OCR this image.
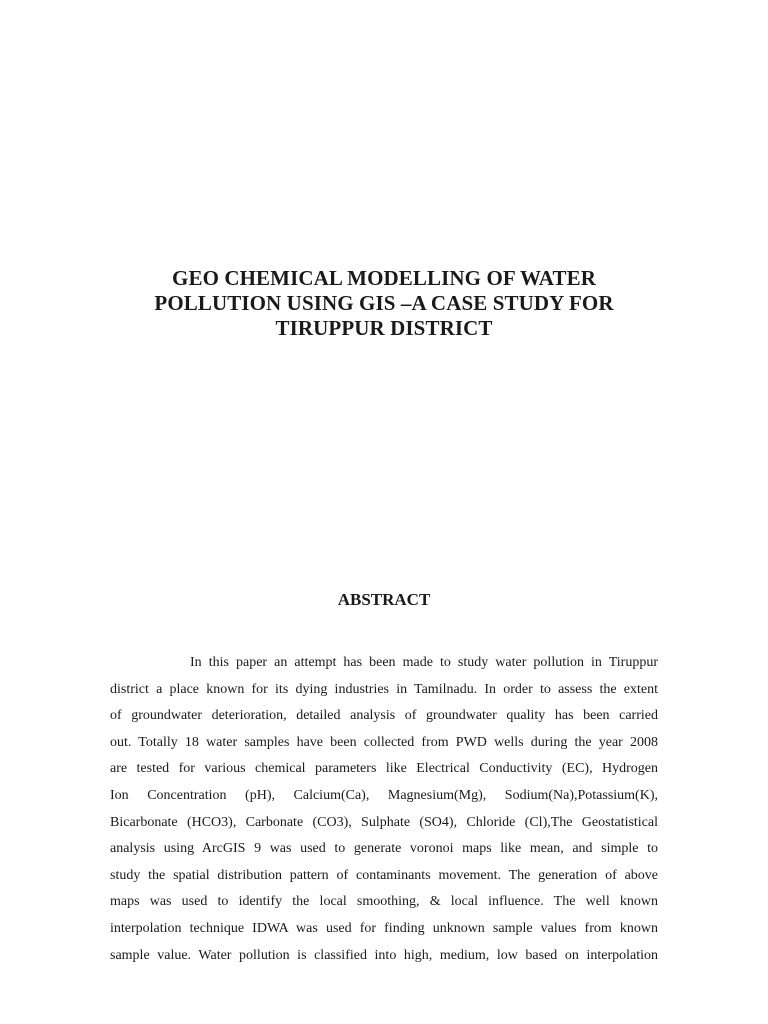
GEO CHEMICAL MODELLING OF WATER
POLLUTION USING GIS –A CASE STUDY FOR
TIRUPPUR DISTRICT
ABSTRACT
In this paper an attempt has been made to study water pollution in Tiruppur
district a place known for its dying industries in Tamilnadu. In order to assess the extent
of groundwater deterioration, detailed analysis of groundwater quality has been carried
out. Totally 18 water samples have been collected from PWD wells during the year 2008
are tested for various chemical parameters like Electrical Conductivity (EC), Hydrogen
Ion Concentration (pH), Calcium(Ca), Magnesium(Mg), Sodium(Na),Potassium(K),
Bicarbonate (HCO3), Carbonate (CO3), Sulphate (SO4), Chloride (Cl),The Geostatistical
analysis using ArcGIS 9 was used to generate voronoi maps like mean, and simple to
study the spatial distribution pattern of contaminants movement. The generation of above
maps was used to identify the local smoothing, & local influence. The well known
interpolation technique IDWA was used for finding unknown sample values from known
sample value. Water pollution is classified into high, medium, low based on interpolation
